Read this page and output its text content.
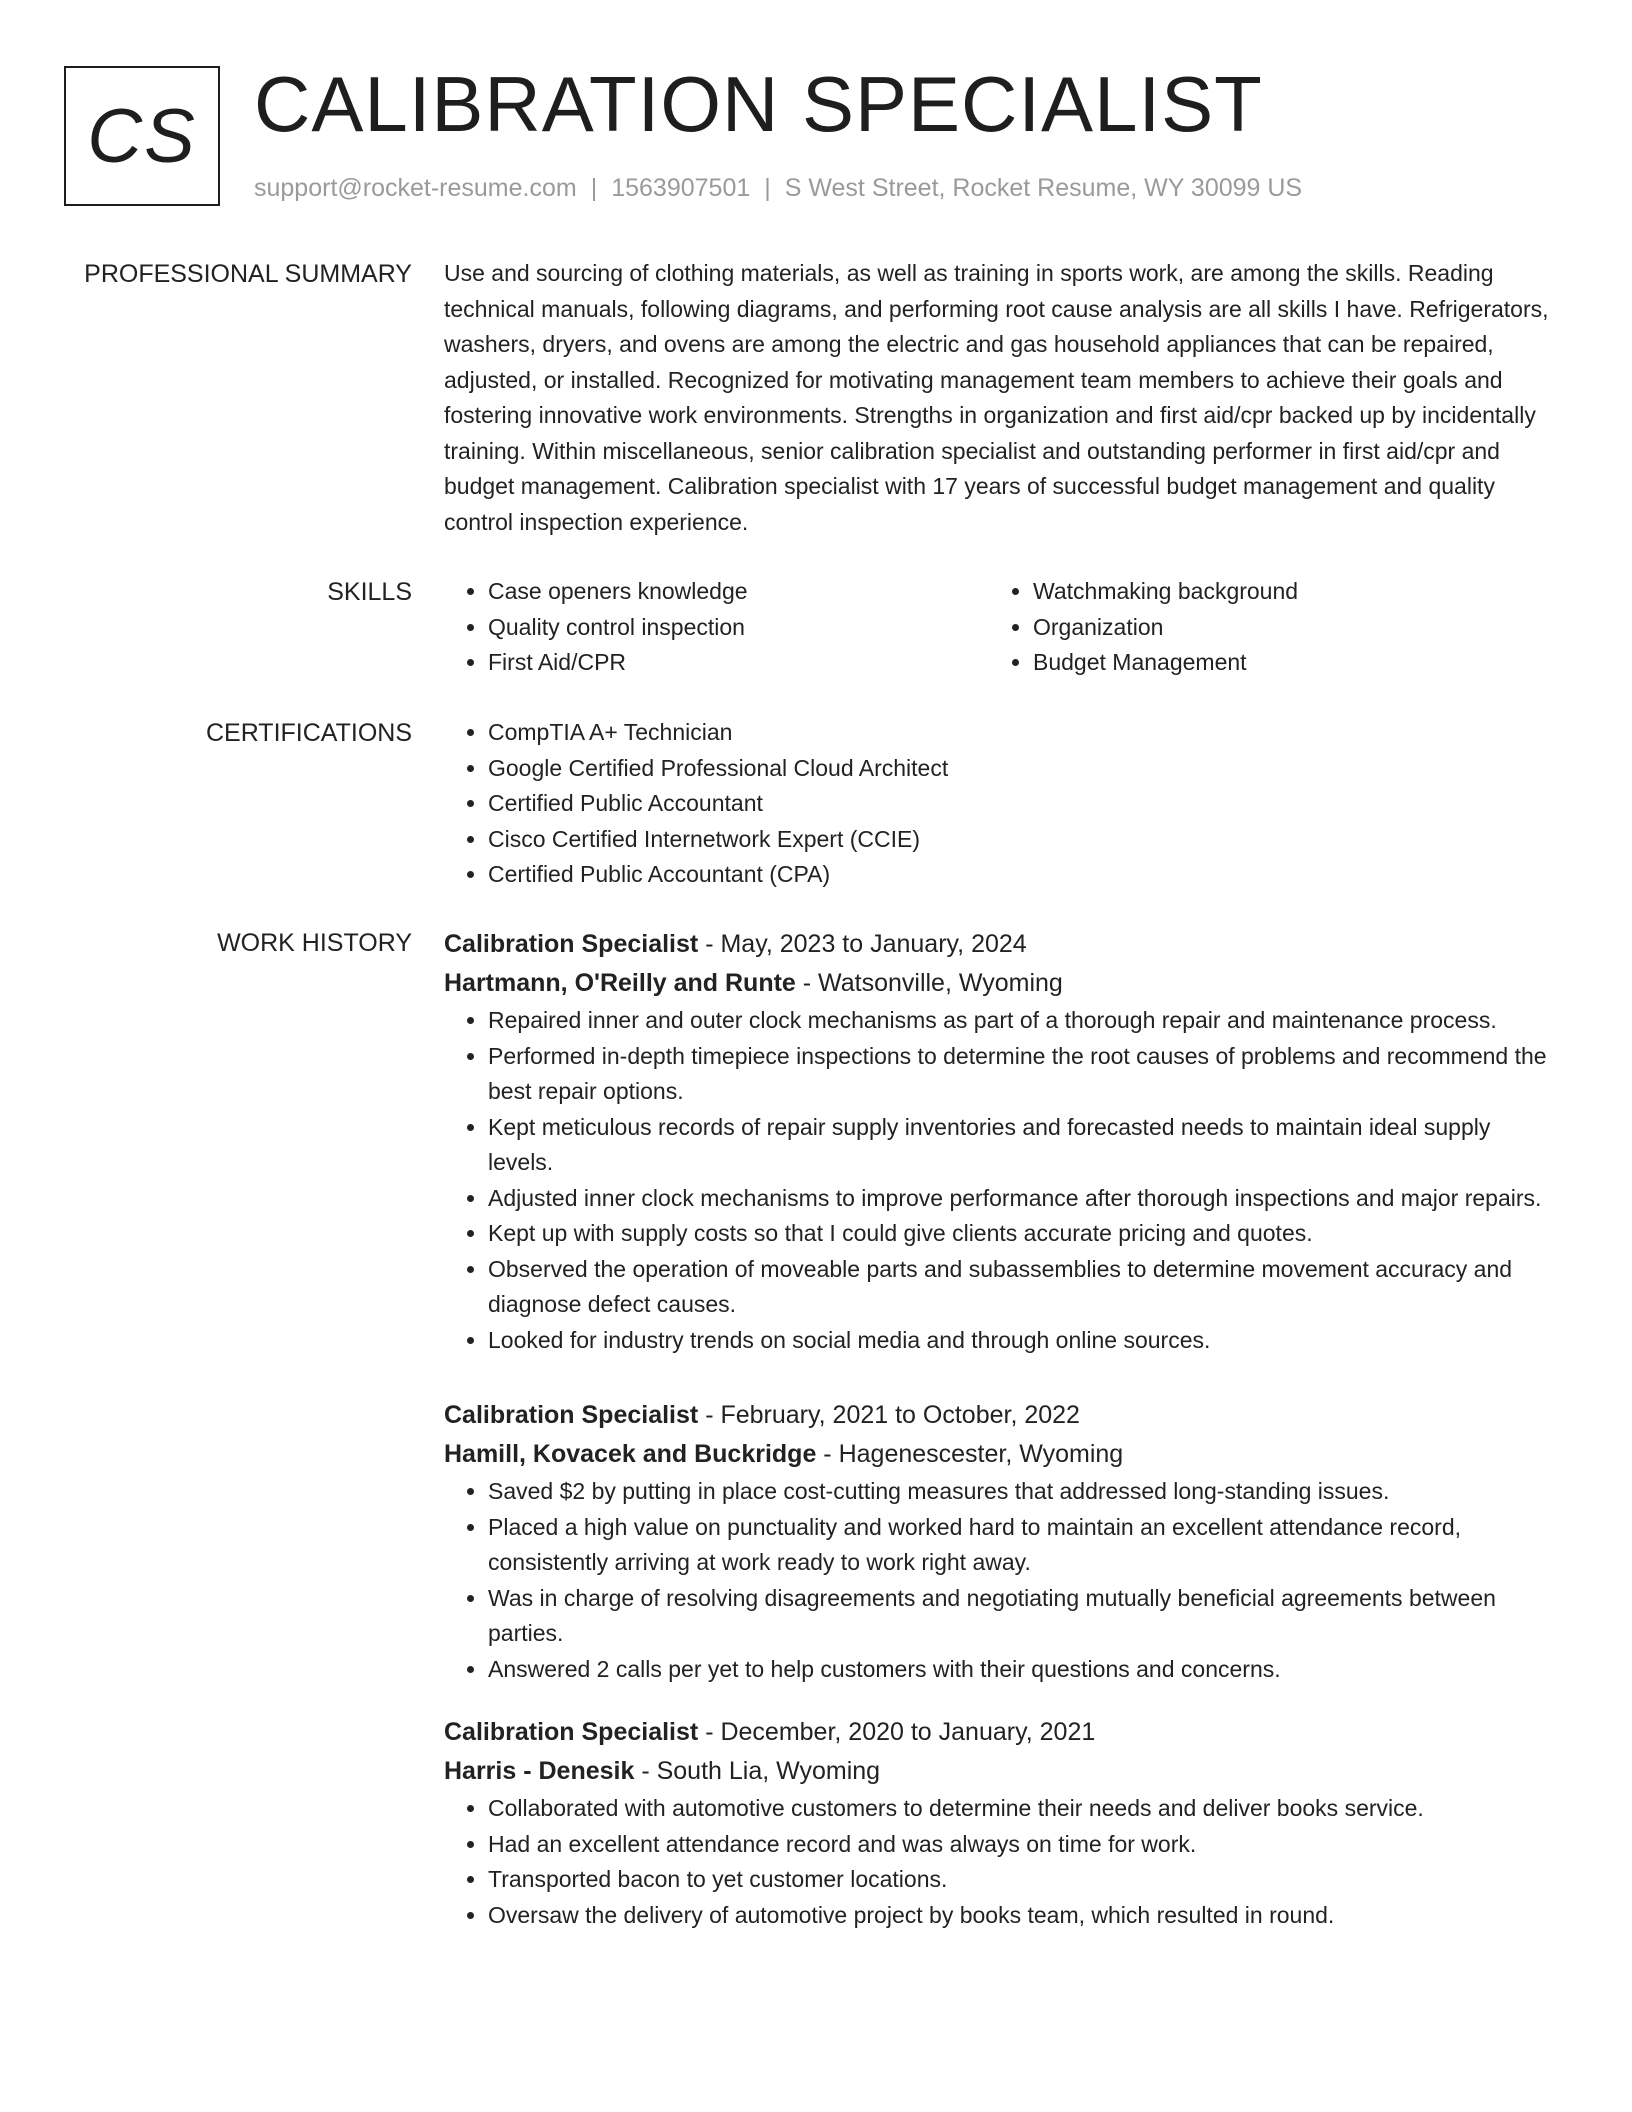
CS CALIBRATION SPECIALIST
support@rocket-resume.com | 1563907501 | S West Street, Rocket Resume, WY 30099 US
PROFESSIONAL SUMMARY Use and sourcing of clothing materials, as well as training in sports work, are among the skills. Reading technical manuals, following diagrams, and performing root cause analysis are all skills I have. Refrigerators, washers, dryers, and ovens are among the electric and gas household appliances that can be repaired, adjusted, or installed. Recognized for motivating management team members to achieve their goals and fostering innovative work environments. Strengths in organization and first aid/cpr backed up by incidentally training. Within miscellaneous, senior calibration specialist and outstanding performer in first aid/cpr and budget management. Calibration specialist with 17 years of successful budget management and quality control inspection experience.

SKILLS	• Case openers knowledge
• Quality control inspection
• First Aid/CPR
• Watchmaking background
• Organization
• Budget Management
CERTIFICATIONS	• CompTIA A+ Technician
• Google Certified Professional Cloud Architect
• Certified Public Accountant
• Cisco Certified Internetwork Expert (CCIE)
• Certified Public Accountant (CPA)
WORK HISTORY Calibration Specialist - May, 2023 to January, 2024
Hartmann, O'Reilly and Runte - Watsonville, Wyoming
• Repaired inner and outer clock mechanisms as part of a thorough repair and maintenance process.
• Performed in-depth timepiece inspections to determine the root causes of problems and recommend the best repair options.
• Kept meticulous records of repair supply inventories and forecasted needs to maintain ideal supply levels.
• Adjusted inner clock mechanisms to improve performance after thorough inspections and major repairs.
• Kept up with supply costs so that I could give clients accurate pricing and quotes.
• Observed the operation of moveable parts and subassemblies to determine movement accuracy and diagnose defect causes.
• Looked for industry trends on social media and through online sources.
Calibration Specialist - February, 2021 to October, 2022
Hamill, Kovacek and Buckridge - Hagenescester, Wyoming
• Saved $2 by putting in place cost-cutting measures that addressed long-standing issues.
• Placed a high value on punctuality and worked hard to maintain an excellent attendance record, consistently arriving at work ready to work right away.
• Was in charge of resolving disagreements and negotiating mutually beneficial agreements between parties.
• Answered 2 calls per yet to help customers with their questions and concerns.
Calibration Specialist - December, 2020 to January, 2021
Harris - Denesik - South Lia, Wyoming
• Collaborated with automotive customers to determine their needs and deliver books service.
• Had an excellent attendance record and was always on time for work.
• Transported bacon to yet customer locations.
• Oversaw the delivery of automotive project by books team, which resulted in round.
